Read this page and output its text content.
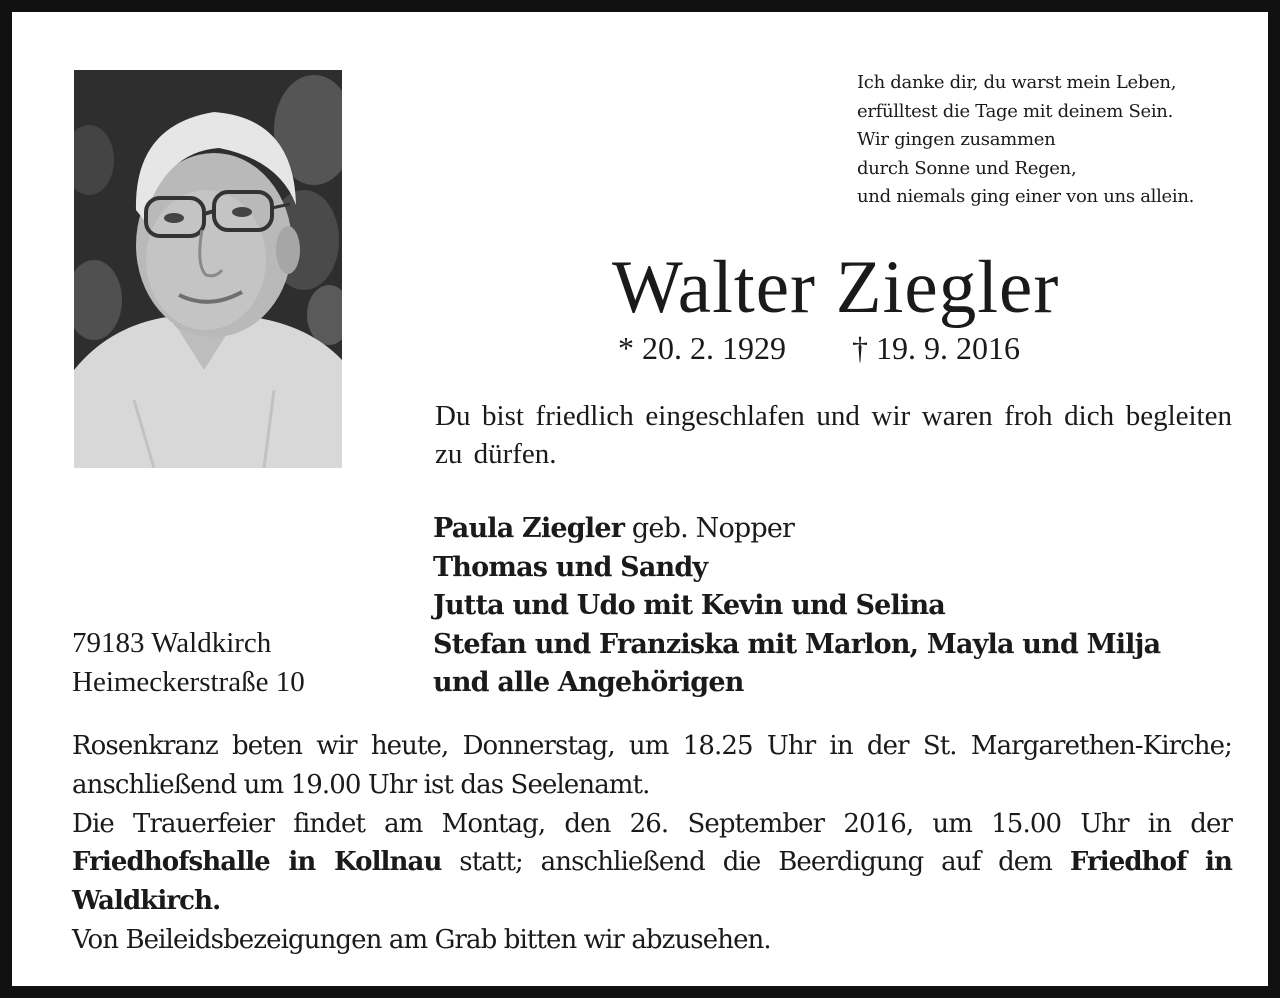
Ich danke dir, du warst mein Leben,
erfülltest die Tage mit deinem Sein.
Wir gingen zusammen
durch Sonne und Regen,
und niemals ging einer von uns allein.
Walter Ziegler
* 20. 2. 1929 † 19. 9. 2016
Du bist friedlich eingeschlafen und wir waren froh dich begleiten zu dürfen.
Paula Ziegler geb. Nopper
Thomas und Sandy
Jutta und Udo mit Kevin und Selina
Stefan und Franziska mit Marlon, Mayla und Milja
und alle Angehörigen
79183 Waldkirch
Heimeckerstraße 10

Rosenkranz beten wir heute, Donnerstag, um 18.25 Uhr in der St. Margarethen-Kirche; anschließend um 19.00 Uhr ist das Seelenamt.

Die Trauerfeier findet am Montag, den 26. September 2016, um 15.00 Uhr in der Friedhofshalle in Kollnau statt; anschließend die Beerdigung auf dem Friedhof in Waldkirch.

Von Beileidsbezeigungen am Grab bitten wir abzusehen.
